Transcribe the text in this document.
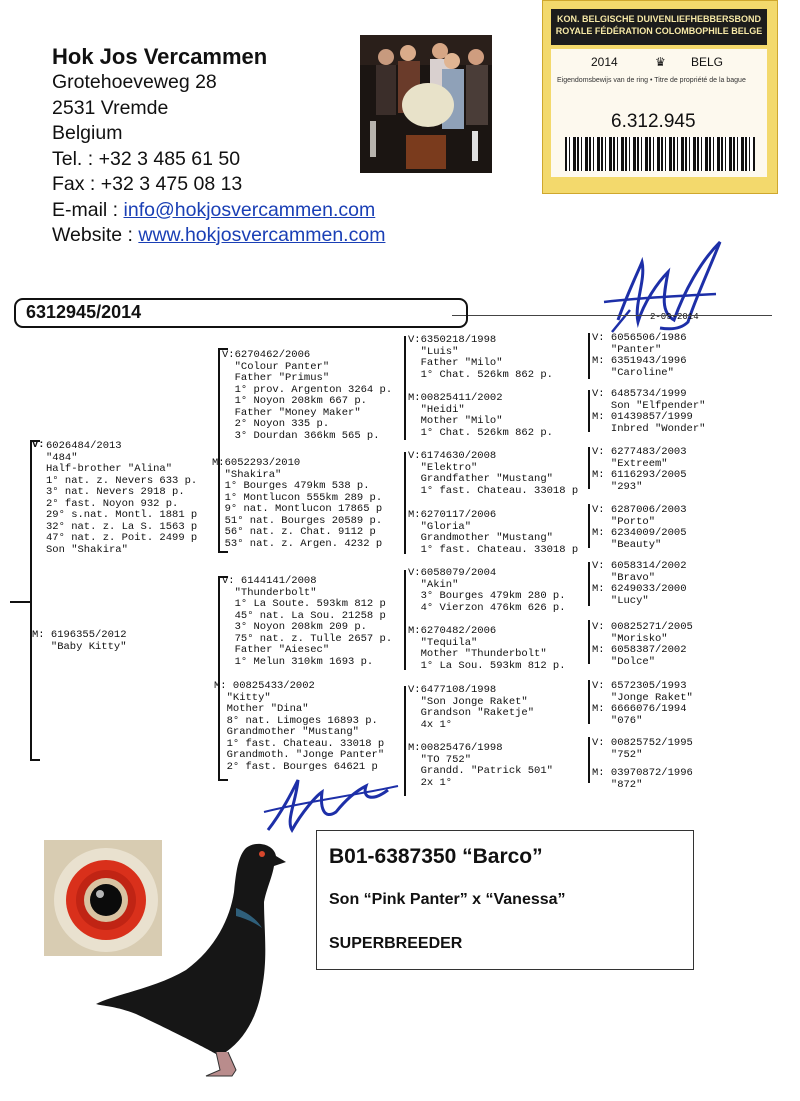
Hok Jos Vercammen
Grotehoeveweg 28
2531 Vremde
Belgium
Tel. : +32 3 485 61 50
Fax : +32 3 475 08 13
E-mail : info@hokjosvercammen.com
Website : www.hokjosvercammen.com
KON. BELGISCHE DUIVENLIEFHEBBERSBOND
ROYALE FÉDÉRATION COLOMBOPHILE BELGE
2014	♛ BELG
Eigendomsbewijs van de ring • Titre de propriété de la bague
6.312.945
2-09-2014
6312945/2014
V: 6026484/2013
"484"
Half-brother "Alina"
1° nat. z. Nevers 633 p.
3° nat. Nevers 2918 p.
2° fast. Noyon 932 p.
29° s.nat. Montl. 1881 p
32° nat. z. La S. 1563 p
47° nat. z. Poit. 2499 p
Son "Shakira"
M: 6196355/2012
"Baby Kitty"
V:6270462/2006
"Colour Panter"
Father "Primus"
1° prov. Argenton 3264 p.
1° Noyon 208km 667 p.
Father "Money Maker"
2° Noyon 335 p.
3° Dourdan 366km 565 p.
M:6052293/2010
"Shakira"
1° Bourges 479km 538 p.
1° Montlucon 555km 289 p.
9° nat. Montlucon 17865 p
51° nat. Bourges 20589 p.
56° nat. z. Chat. 9112 p
53° nat. z. Argen. 4232 p
V: 6144141/2008
"Thunderbolt"
1° La Soute. 593km 812 p
45° nat. La Sou. 21258 p
3° Noyon 208km 209 p.
75° nat. z. Tulle 2657 p.
Father "Aiesec"
1° Melun 310km 1693 p.
M: 00825433/2002
"Kitty"
Mother "Dina"
8° nat. Limoges 16893 p.
Grandmother "Mustang"
1° fast. Chateau. 33018 p
Grandmoth. "Jonge Panter"
2° fast. Bourges 64621 p
V:6350218/1998
"Luis"
Father "Milo"
1° Chat. 526km 862 p.
M:00825411/2002
"Heidi"
Mother "Milo"
1° Chat. 526km 862 p.
V:6174630/2008
"Elektro"
Grandfather "Mustang"
1° fast. Chateau. 33018 p
M:6270117/2006
"Gloria"
Grandmother "Mustang"
1° fast. Chateau. 33018 p
V:6058079/2004
"Akin"
3° Bourges 479km 280 p.
4° Vierzon 476km 626 p.
M:6270482/2006
"Tequila"
Mother "Thunderbolt"
1° La Sou. 593km 812 p.
V:6477108/1998
"Son Jonge Raket"
Grandson "Raketje"
4x 1°
M:00825476/1998
"TO 752"
Grandd. "Patrick 501"
2x 1°
V: 6056506/1986
"Panter"
M: 6351943/1996
"Caroline"
V: 6485734/1999
Son "Elfpender"
M: 01439857/1999
Inbred "Wonder"
V: 6277483/2003
"Extreem"
M: 6116293/2005
"293"
V: 6287006/2003
"Porto"
M: 6234009/2005
"Beauty"
V: 6058314/2002
"Bravo"
M: 6249033/2000
"Lucy"
V: 00825271/2005
"Morisko"
M: 6058387/2002
"Dolce"
V: 6572305/1993
"Jonge Raket"
M: 6666076/1994
"076"
V: 00825752/1995
"752"
M: 03970872/1996
"872"
B01-6387350 “Barco”
Son “Pink Panter” x “Vanessa”
SUPERBREEDER
